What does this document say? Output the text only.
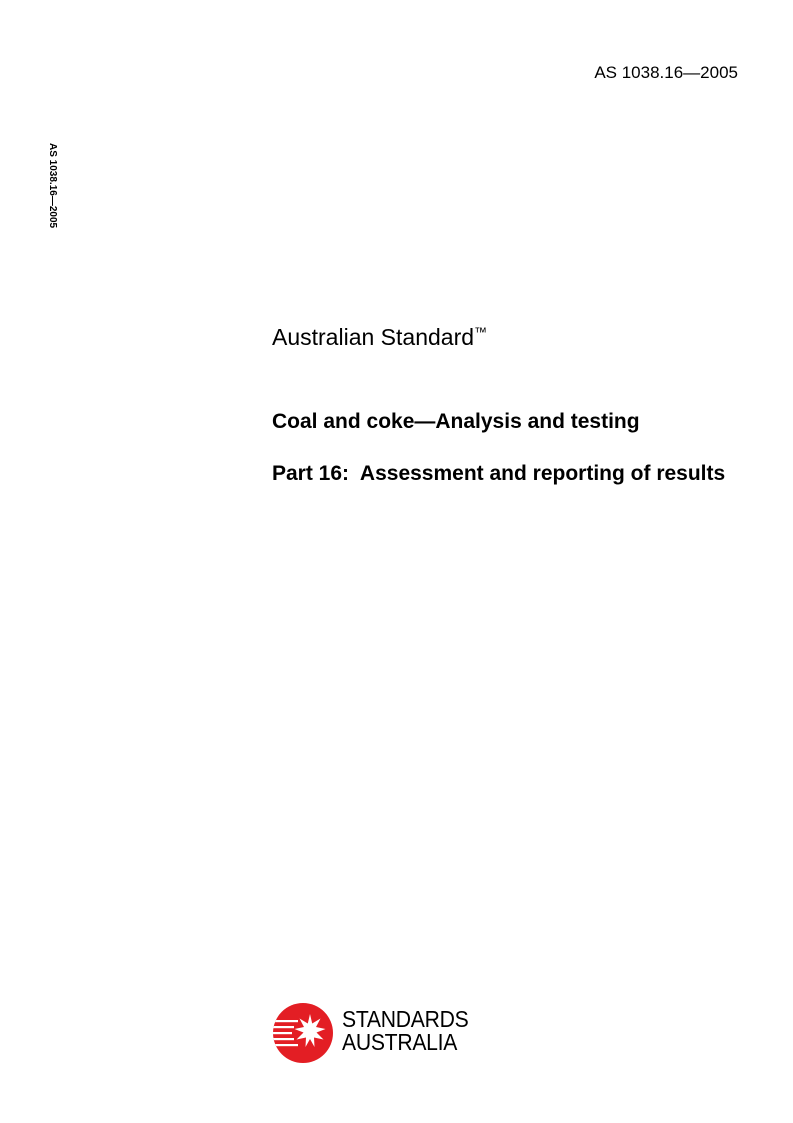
AS 1038.16—2005
AS 1038.16—2005
Australian Standard™
Coal and coke—Analysis and testing
Part 16:  Assessment and reporting of results
STANDARDS
AUSTRALIA
